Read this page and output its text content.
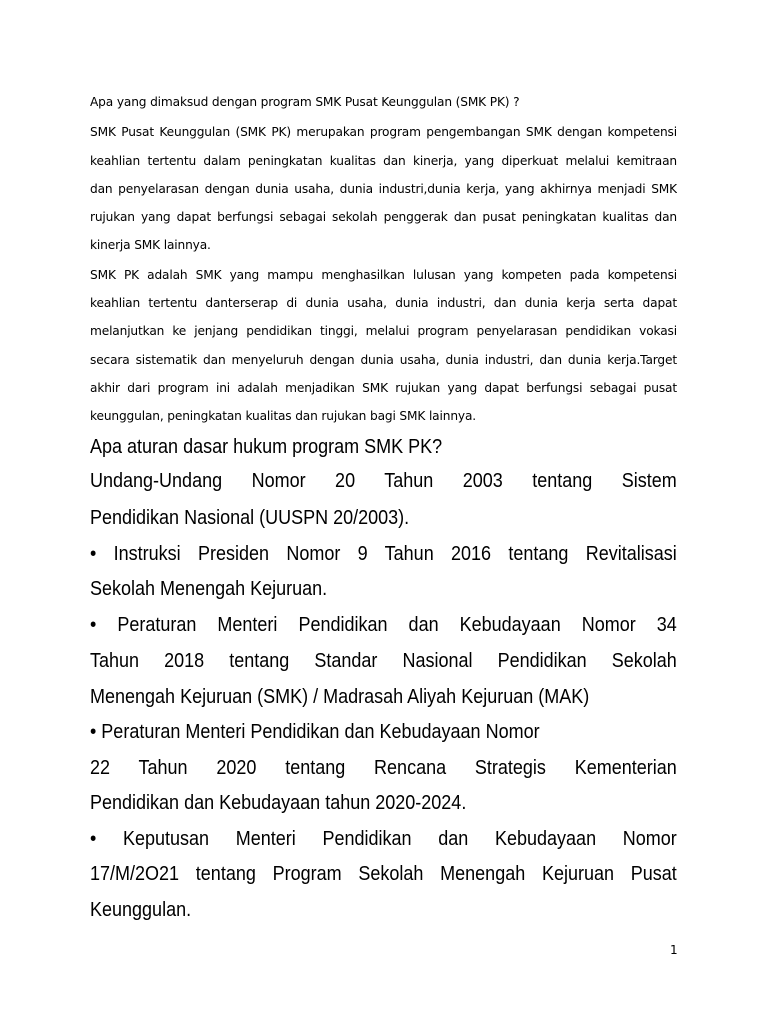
Apa yang dimaksud dengan program SMK Pusat Keunggulan (SMK PK) ?
SMK Pusat Keunggulan (SMK PK) merupakan program pengembangan SMK dengan kompetensi
keahlian tertentu dalam peningkatan kualitas dan kinerja, yang diperkuat melalui kemitraan
dan penyelarasan dengan dunia usaha, dunia industri,dunia kerja, yang akhirnya menjadi SMK
rujukan yang dapat berfungsi sebagai sekolah penggerak dan pusat peningkatan kualitas dan
kinerja SMK lainnya.
SMK PK adalah SMK yang mampu menghasilkan lulusan yang kompeten pada kompetensi
keahlian tertentu danterserap di dunia usaha, dunia industri, dan dunia kerja serta dapat
melanjutkan ke jenjang pendidikan tinggi, melalui program penyelarasan pendidikan vokasi
secara sistematik dan menyeluruh dengan dunia usaha, dunia industri, dan dunia kerja.Target
akhir dari program ini adalah menjadikan SMK rujukan yang dapat berfungsi sebagai pusat
keunggulan, peningkatan kualitas dan rujukan bagi SMK lainnya.
Apa aturan dasar hukum program SMK PK?
Undang-Undang Nomor 20 Tahun 2003 tentang Sistem
Pendidikan Nasional (UUSPN 20/2003).
• Instruksi Presiden Nomor 9 Tahun 2016 tentang Revitalisasi
Sekolah Menengah Kejuruan.
• Peraturan Menteri Pendidikan dan Kebudayaan Nomor 34
Tahun 2018 tentang Standar Nasional Pendidikan Sekolah
Menengah Kejuruan (SMK) / Madrasah Aliyah Kejuruan (MAK)
• Peraturan Menteri Pendidikan dan Kebudayaan Nomor
22 Tahun 2020 tentang Rencana Strategis Kementerian
Pendidikan dan Kebudayaan tahun 2020-2024.
• Keputusan Menteri Pendidikan dan Kebudayaan Nomor
17/M/2O21 tentang Program Sekolah Menengah Kejuruan Pusat
Keunggulan.
1
